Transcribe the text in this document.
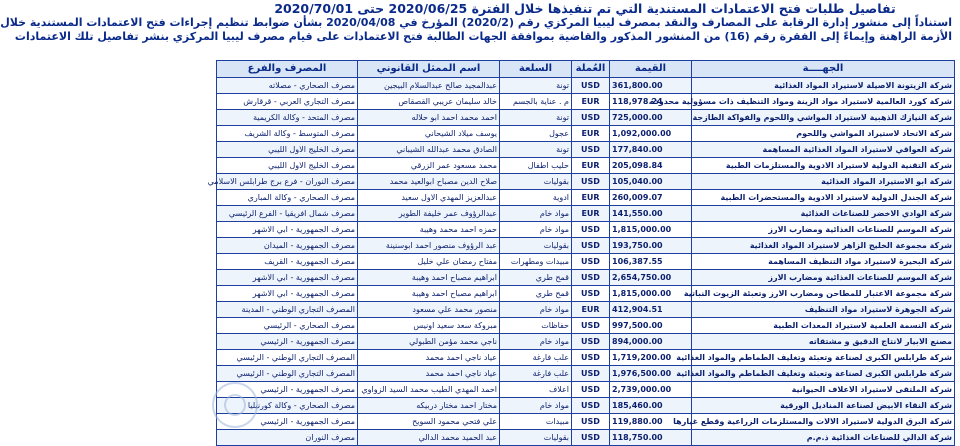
تفاصيل طلبات فتح الاعتمادات المستندية التي تم تنفيذها خلال الفترة 2020/06/25 حتى 2020/70/01
استناداً إلى منشور إدارة الرقابة على المصارف والنقد بمصرف ليبيا المركزي رقم (2020/2) المؤرخ في 2020/04/08 بشأن ضوابط تنظيم إجراءات فتح الاعتمادات المستندية خلال
الأزمة الراهنة وإيماءً إلى الفقرة رقم (16) من المنشور المذكور والقاضية بموافقة الجهات الطالبة فتح الاعتمادات على قيام مصرف ليبيا المركزي بنشر تفاصيل تلك الاعتمادات
الجهــــة	القيمة	العُملة	السلعة	اسم الممثل القانوني	المصرف والفرع
شركة الزيتونة الاصيلة لاستيراد المواد الغذائية	361,800.00	USD	تونة	عبدالمجيد صالح عبدالسلام البيجين	مصرف الصحاري - مصلاته
شركة كورد العالمية لاستيراد مواد الزينة ومواد التنظيف ذات مسؤولية محدودة	118,978.24	EUR	م . عناية بالجسم	خالد سليمان عريبي القصقاص	مصرف التجاري العربي - قرقارش
شركة النيازك الذهبية لاستيراد المواشي واللحوم والفواكة الطازجة	725,000.00	USD	تونة	احمد محمد احمد ابو حلاله	مصرف المتحد - وكالة الكريمية
شركة الاتحاد لاستيراد المواشي واللحوم	1,092,000.00	EUR	عجول	يوسف ميلاد الشيحاني	مصرف المتوسط - وكالة الشريف
شركة العواقي لاستيراد المواد الغذائية المساهمة	177,840.00	USD	تونة	الصادق محمد عبدالله الشيباني	مصرف الخليج الاول الليبي
شركة التقنية الدولية لاستيراد الادوية والمستلزمات الطبية	205,098.84	EUR	حليب اطفال	محمد مسعود عمر الزرقي	مصرف الخليج الاول الليبي
شركة ابو الاستيراد المواد الغذائية	105,040.00	USD	بقوليات	صلاح الدين مصباح ابوالعيد محمد	مصرف النوران - فرع برج طرابلس الاسلامي
شركة الجندل الدولية لاستيراد الادوية والمستحضرات الطبية	260,009.07	EUR	ادوية	عبدالعزيز المهدي الاول سعيد	مصرف الصحاري - وكالة المباري
شركة الوادي الاخضر للصناعات الغذائية	141,550.00	EUR	مواد خام	عبدالرؤوف عمر خليفة الطوير	مصرف شمال افريقيا - الفرع الرئيسي
شركة الموسم للصناعات الغذائية ومضارب الارز	1,815,000.00	USD	مواد خام	حمزه احمد محمد وهيبة	مصرف الجمهورية - ابي الاشهر
شركة مجموعة الخليج الزاهر لاستيراد المواد الغذائية	193,750.00	USD	بقوليات	عبد الرؤوف منصور احمد ابوسنينة	مصرف الجمهورية - الميدان
شركة البحيرة لاستيراد مواد التنظيف المساهمة	106,387.55	USD	مبيدات ومطهرات	مفتاح رمضان علي خليل	مصرف الجمهورية - القريف
شركة الموسم للصناعات الغذائية ومضارب الارز	2,654,750.00	USD	قمح طري	ابراهيم مصباح احمد وهيبة	مصرف الجمهورية - ابي الاشهر
شركة مجموعة الاعتبار للمطاحن ومضارب الارز وتعبئة الزيوت النباتية	1,815,000.00	USD	قمح طري	ابراهيم مصباح احمد وهيبة	مصرف الجمهورية - ابي الاشهر
شركة الجوهرة لاستيراد مواد التنظيف	412,904.51	EUR	مواد خام	منصور محمد علي مسعود	المصرف التجاري الوطني - المدينة
شركة النسمة العلمية لاستيراد المعدات الطبية	997,500.00	USD	حفاظات	مبروكة سعد سعيد اونيس	مصرف الصحاري - الرئيسي
مصنع الابيار لانتاج الدقيق و مشتقاته	894,000.00	USD	مواد خام	ناجي محمد مؤمن الطبولي	مصرف الجمهورية - الرئيسي
شركة طرابلس الكبرى لصناعة وتعبئة وتغليف الطماطم والمواد الغذائية	1,719,200.00	USD	علب فارغة	عياد ناجي احمد محمد	المصرف التجاري الوطني - الرئيسي
شركة طرابلس الكبرى لصناعة وتعبئة وتغليف الطماطم والمواد الغذائية	1,976,500.00	USD	علب فارغة	عياد ناجي احمد محمد	المصرف التجاري الوطني - الرئيسي
شركة الملتقى لاستيراد الاعلاف الحيوانية	2,739,000.00	USD	اعلاف	احمد المهدي الطيب محمد السيد الزواوي	مصرف الجمهورية - الرئيسي
شركة النقاء الابيض لصناعة المناديل الورقية	185,460.00	USD	مواد خام	مختار احمد مختار دربيكه	مصرف الصحاري - وكالة كورنيليا
شركة البرق الدولية لاستيراد الالات والمستلزمات الزراعية وقطع غيارها	119,880.00	USD	مبيدات	علي فتحي محمود السويح	مصرف الجمهورية - الرئيسي
شركة الدالي للصناعات الغذائية ذ.م.م	118,750.00	USD	بقوليات	عبد الحميد محمد الدالي	مصرف النوران
